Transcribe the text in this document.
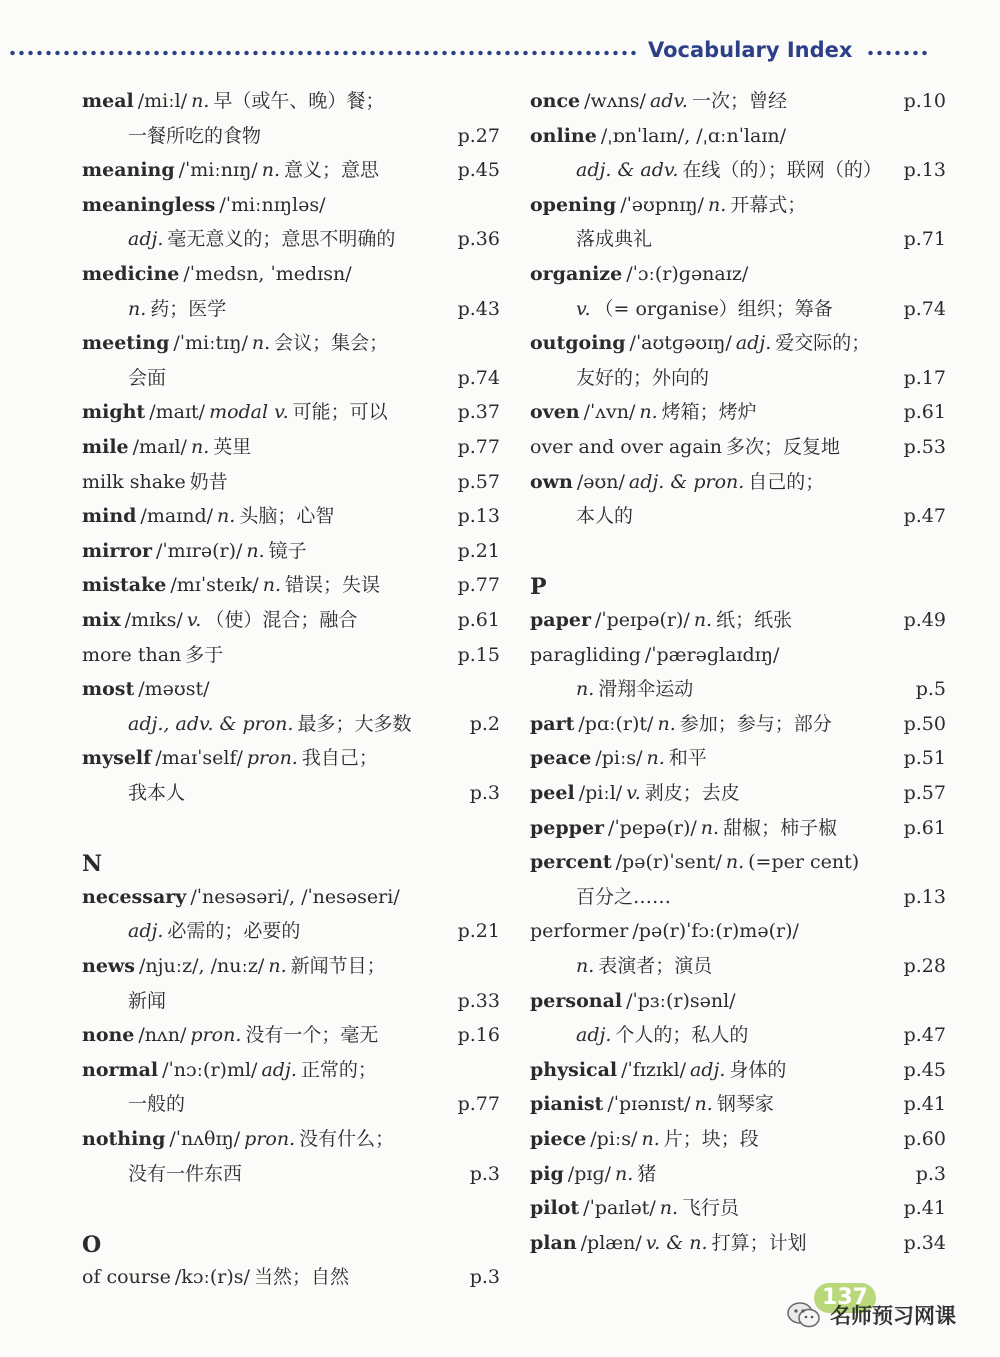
Vocabulary Index
meal /miːl/ n. 早（或午、晚）餐；
一餐所吃的食物	p.27
meaning /ˈmiːnɪŋ/ n. 意义；意思	p.45
meaningless /ˈmiːnɪŋləs/
adj. 毫无意义的；意思不明确的	p.36
medicine /ˈmedsn, ˈmedɪsn/
n. 药；医学	p.43
meeting /ˈmiːtɪŋ/ n. 会议；集会；
会面	p.74
might /maɪt/ modal v. 可能；可以	p.37
mile /maɪl/ n. 英里	p.77
milk shake 奶昔	p.57
mind /maɪnd/ n. 头脑；心智	p.13
mirror /ˈmɪrə(r)/ n. 镜子	p.21
mistake /mɪˈsteɪk/ n. 错误；失误	p.77
mix /mɪks/ v. （使）混合；融合	p.61
more than 多于	p.15
most /məʊst/
adj., adv. & pron. 最多；大多数	p.2
myself /maɪˈself/ pron. 我自己；
我本人	p.3
N
necessary /ˈnesəsəri/, /ˈnesəseri/
adj. 必需的；必要的	p.21
news /njuːz/, /nuːz/ n. 新闻节目；
新闻	p.33
none /nʌn/ pron. 没有一个；毫无	p.16
normal /ˈnɔː(r)ml/ adj. 正常的；
一般的	p.77
nothing /ˈnʌθɪŋ/ pron. 没有什么；
没有一件东西	p.3
O
of course /kɔː(r)s/ 当然；自然	p.3
once /wʌns/ adv. 一次；曾经	p.10
online /ˌɒnˈlaɪn/, /ˌɑːnˈlaɪn/
adj. & adv. 在线（的）；联网（的） p.13
opening /ˈəʊpnɪŋ/ n. 开幕式；
落成典礼	p.71
organize /ˈɔː(r)ɡənaɪz/
v. （= organise）组织；筹备	p.74
outgoing /ˈaʊtɡəʊɪŋ/ adj. 爱交际的；
友好的；外向的	p.17
oven /ˈʌvn/ n. 烤箱；烤炉	p.61
over and over again 多次；反复地	p.53
own /əʊn/ adj. & pron. 自己的；
本人的	p.47
P
paper /ˈpeɪpə(r)/ n. 纸；纸张	p.49
paragliding /ˈpærəɡlaɪdɪŋ/
n. 滑翔伞运动	p.5
part /pɑː(r)t/ n. 参加；参与；部分	p.50
peace /piːs/ n. 和平	p.51
peel /piːl/ v. 剥皮；去皮	p.57
pepper /ˈpepə(r)/ n. 甜椒；柿子椒	p.61
percent /pə(r)ˈsent/ n. (=per cent)
百分之……	p.13
performer /pə(r)ˈfɔː(r)mə(r)/
n. 表演者；演员	p.28
personal /ˈpɜː(r)sənl/
adj. 个人的；私人的	p.47
physical /ˈfɪzɪkl/ adj. 身体的	p.45
pianist /ˈpɪənɪst/ n. 钢琴家	p.41
piece /piːs/ n. 片；块；段	p.60
pig /pɪɡ/ n. 猪	p.3
pilot /ˈpaɪlət/ n. 飞行员	p.41
plan /plæn/ v. & n. 打算；计划	p.34
137
名师预习网课
